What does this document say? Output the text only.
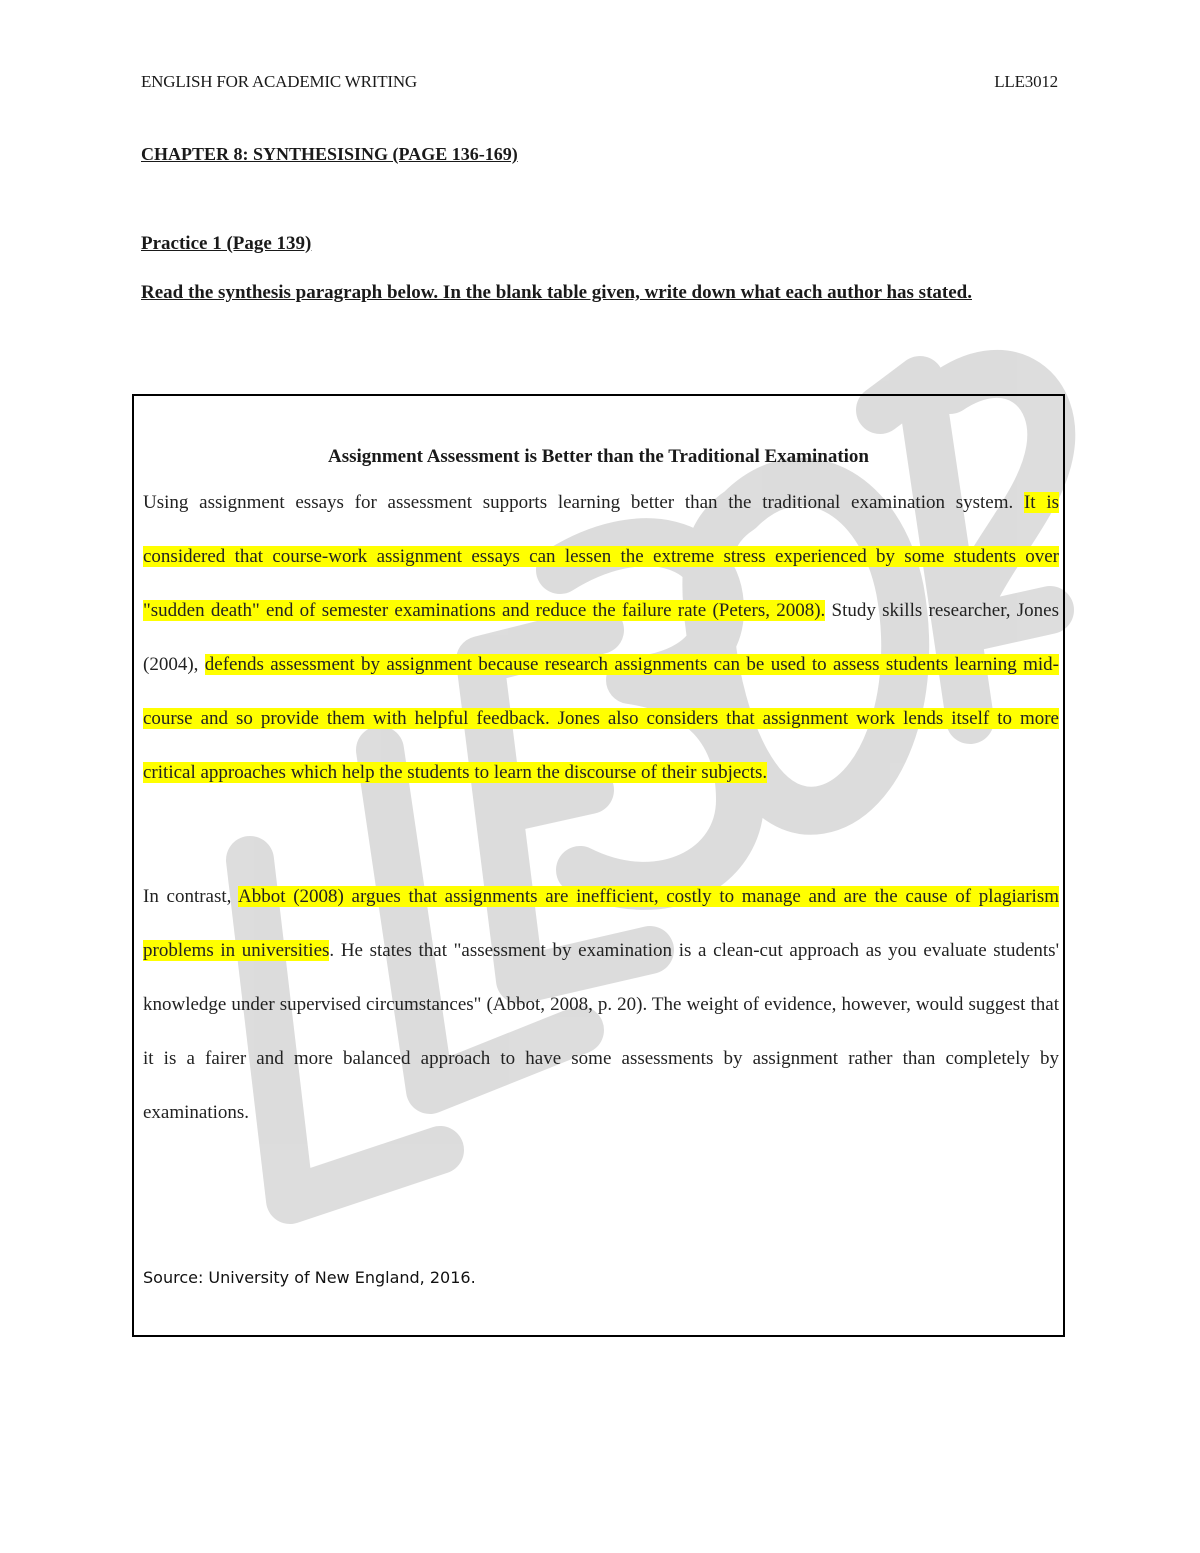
ENGLISH FOR ACADEMIC WRITING	LLE3012
CHAPTER 8: SYNTHESISING (PAGE 136-169)
Practice 1 (Page 139)
Read the synthesis paragraph below. In the blank table given, write down what each author has stated.
Assignment Assessment is Better than the Traditional Examination
Using assignment essays for assessment supports learning better than the traditional examination system. It is considered that course-work assignment essays can lessen the extreme stress experienced by some students over "sudden death" end of semester examinations and reduce the failure rate (Peters, 2008). Study skills researcher, Jones (2004), defends assessment by assignment because research assignments can be used to assess students learning mid-course and so provide them with helpful feedback. Jones also considers that assignment work lends itself to more critical approaches which help the students to learn the discourse of their subjects.
In contrast, Abbot (2008) argues that assignments are inefficient, costly to manage and are the cause of plagiarism problems in universities. He states that "assessment by examination is a clean-cut approach as you evaluate students' knowledge under supervised circumstances" (Abbot, 2008, p. 20). The weight of evidence, however, would suggest that it is a fairer and more balanced approach to have some assessments by assignment rather than completely by examinations.
Source: University of New England, 2016.
